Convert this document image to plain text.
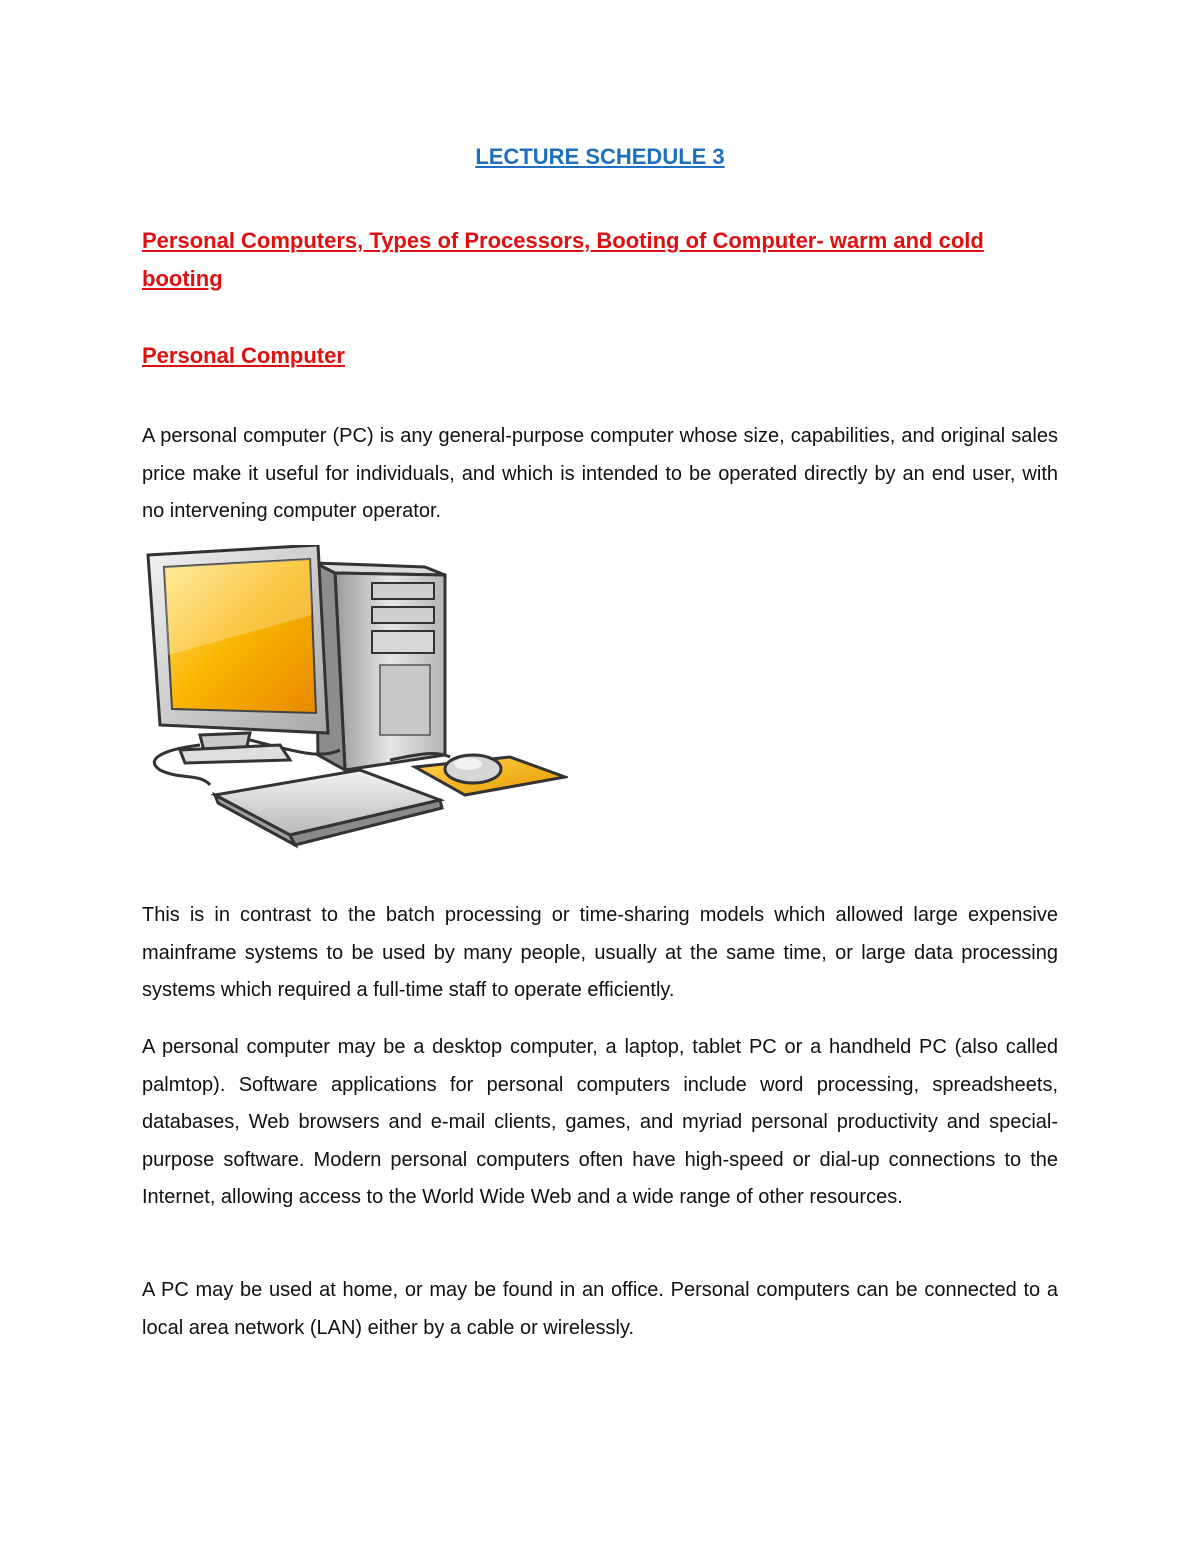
LECTURE SCHEDULE 3
Personal Computers, Types of Processors, Booting of Computer- warm and cold booting
Personal Computer

A personal computer (PC) is any general-purpose computer whose size, capabilities, and original sales price make it useful for individuals, and which is intended to be operated directly by an end user, with no intervening computer operator.

This is in contrast to the batch processing or time-sharing models which allowed large expensive mainframe systems to be used by many people, usually at the same time, or large data processing systems which required a full-time staff to operate efficiently.

A personal computer may be a desktop computer, a laptop, tablet PC or a handheld PC (also called palmtop). Software applications for personal computers include word processing, spreadsheets, databases, Web browsers and e-mail clients, games, and myriad personal productivity and special-purpose software. Modern personal computers often have high-speed or dial-up connections to the Internet, allowing access to the World Wide Web and a wide range of other resources.

A PC may be used at home, or may be found in an office. Personal computers can be connected to a local area network (LAN) either by a cable or wirelessly.
